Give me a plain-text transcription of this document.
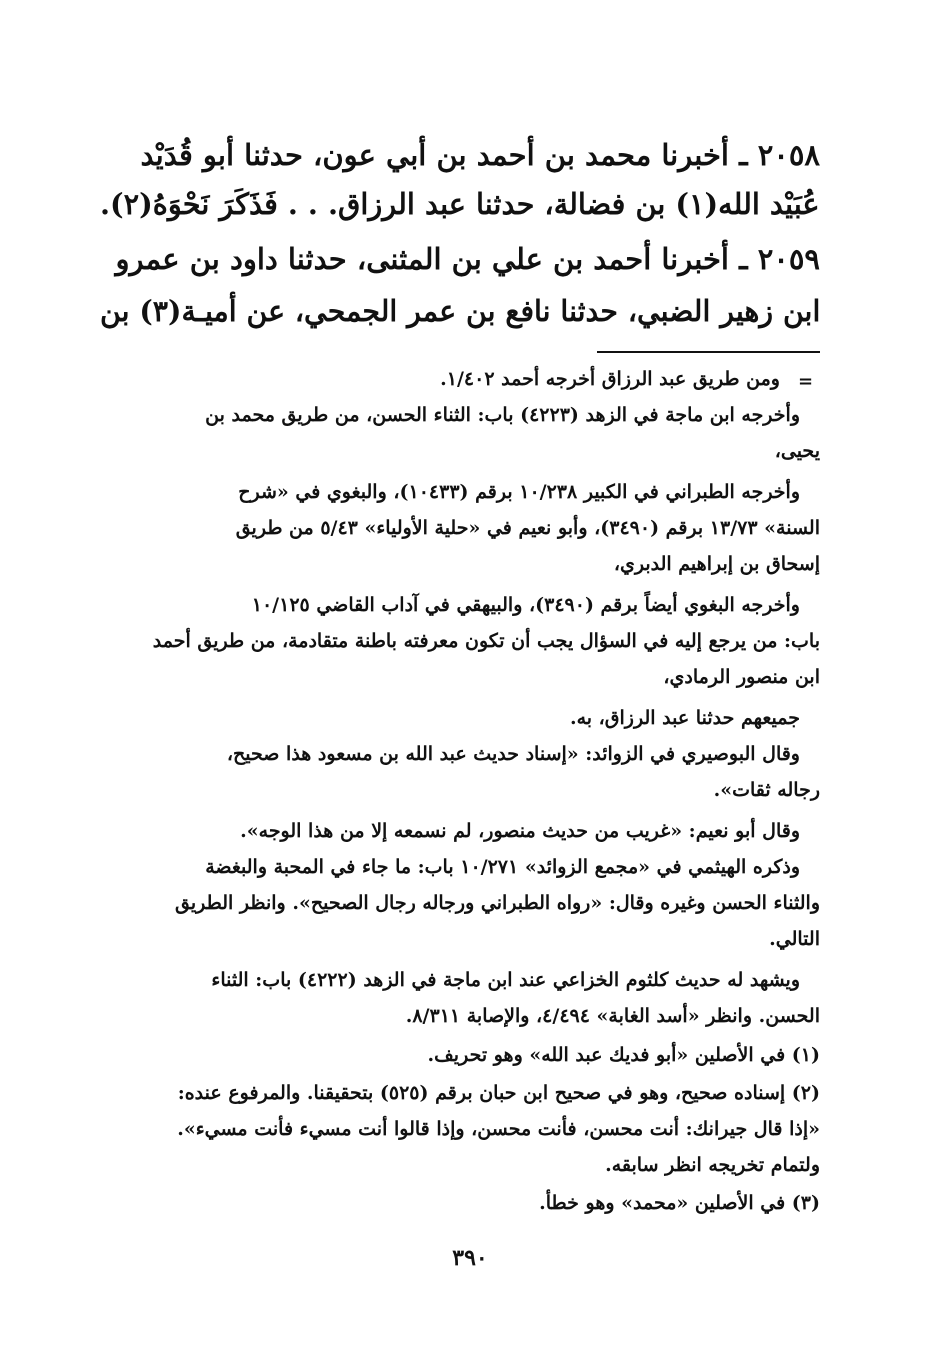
٢٠٥٨ ـ أخبرنا محمد بن أحمد بن أبي عون، حدثنا أبو قُدَيْد
عُبَيْد الله(١) بن فضالة، حدثنا عبد الرزاق. . . فَذَكَرَ نَحْوَهُ(٢).
٢٠٥٩ ـ أخبرنا أحمد بن علي بن المثنى، حدثنا داود بن عمرو
ابن زهير الضبي، حدثنا نافع بن عمر الجمحي، عن أميـة(٣) بن
=
ومن طريق عبد الرزاق أخرجه أحمد ١/٤٠٢.
وأخرجه ابن ماجة في الزهد (٤٢٢٣) باب: الثناء الحسن، من طريق محمد بن
يحيى،
وأخرجه الطبراني في الكبير ١٠/٢٣٨ برقم (١٠٤٣٣)، والبغوي في «شرح
السنة» ١٣/٧٣ برقم (٣٤٩٠)، وأبو نعيم في «حلية الأولياء» ٥/٤٣ من طريق
إسحاق بن إبراهيم الدبري،
وأخرجه البغوي أيضاً برقم (٣٤٩٠)، والبيهقي في آداب القاضي ١٠/١٢٥
باب: من يرجع إليه في السؤال يجب أن تكون معرفته باطنة متقادمة، من طريق أحمد
ابن منصور الرمادي،
جميعهم حدثنا عبد الرزاق، به.
وقال البوصيري في الزوائد: «إسناد حديث عبد الله بن مسعود هذا صحيح،
رجاله ثقات».
وقال أبو نعيم: «غريب من حديث منصور، لم نسمعه إلا من هذا الوجه».
وذكره الهيثمي في «مجمع الزوائد» ١٠/٢٧١ باب: ما جاء في المحبة والبغضة
والثناء الحسن وغيره وقال: «رواه الطبراني ورجاله رجال الصحيح». وانظر الطريق
التالي.
ويشهد له حديث كلثوم الخزاعي عند ابن ماجة في الزهد (٤٢٢٢) باب: الثناء
الحسن. وانظر «أسد الغابة» ٤/٤٩٤، والإصابة ٨/٣١١.
(١) في الأصلين «أبو فديك عبد الله» وهو تحريف.
(٢) إسناده صحيح، وهو في صحيح ابن حبان برقم (٥٢٥) بتحقيقنا. والمرفوع عنده:
«إذا قال جيرانك: أنت محسن، فأنت محسن، وإذا قالوا أنت مسيء فأنت مسيء».
ولتمام تخريجه انظر سابقه.
(٣) في الأصلين «محمد» وهو خطأ.
٣٩٠
